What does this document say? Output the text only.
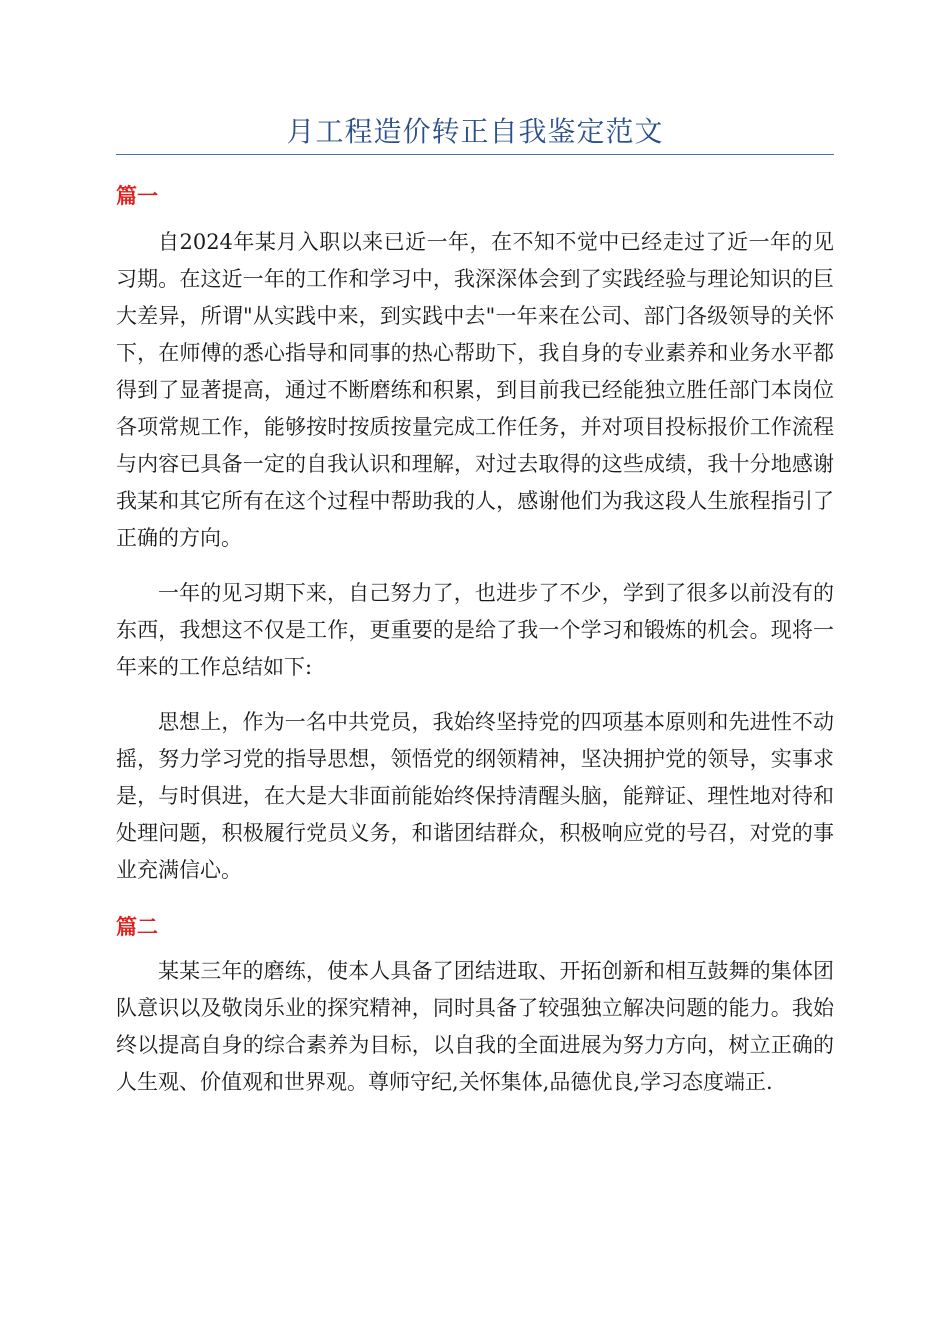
月工程造价转正自我鉴定范文
篇一

自2024年某月入职以来已近一年，在不知不觉中已经走过了近一年的见习期。在这近一年的工作和学习中，我深深体会到了实践经验与理论知识的巨大差异，所谓"从实践中来，到实践中去"一年来在公司、部门各级领导的关怀下，在师傅的悉心指导和同事的热心帮助下，我自身的专业素养和业务水平都得到了显著提高，通过不断磨练和积累，到目前我已经能独立胜任部门本岗位各项常规工作，能够按时按质按量完成工作任务，并对项目投标报价工作流程与内容已具备一定的自我认识和理解，对过去取得的这些成绩，我十分地感谢我某和其它所有在这个过程中帮助我的人，感谢他们为我这段人生旅程指引了正确的方向。

一年的见习期下来，自己努力了，也进步了不少，学到了很多以前没有的东西，我想这不仅是工作，更重要的是给了我一个学习和锻炼的机会。现将一年来的工作总结如下:

思想上，作为一名中共党员，我始终坚持党的四项基本原则和先进性不动摇，努力学习党的指导思想，领悟党的纲领精神，坚决拥护党的领导，实事求是，与时俱进，在大是大非面前能始终保持清醒头脑，能辩证、理性地对待和处理问题，积极履行党员义务，和谐团结群众，积极响应党的号召，对党的事业充满信心。

篇二

某某三年的磨练，使本人具备了团结进取、开拓创新和相互鼓舞的集体团队意识以及敬岗乐业的探究精神，同时具备了较强独立解决问题的能力。我始终以提高自身的综合素养为目标，以自我的全面进展为努力方向，树立正确的人生观、价值观和世界观。尊师守纪,关怀集体,品德优良,学习态度端正.
